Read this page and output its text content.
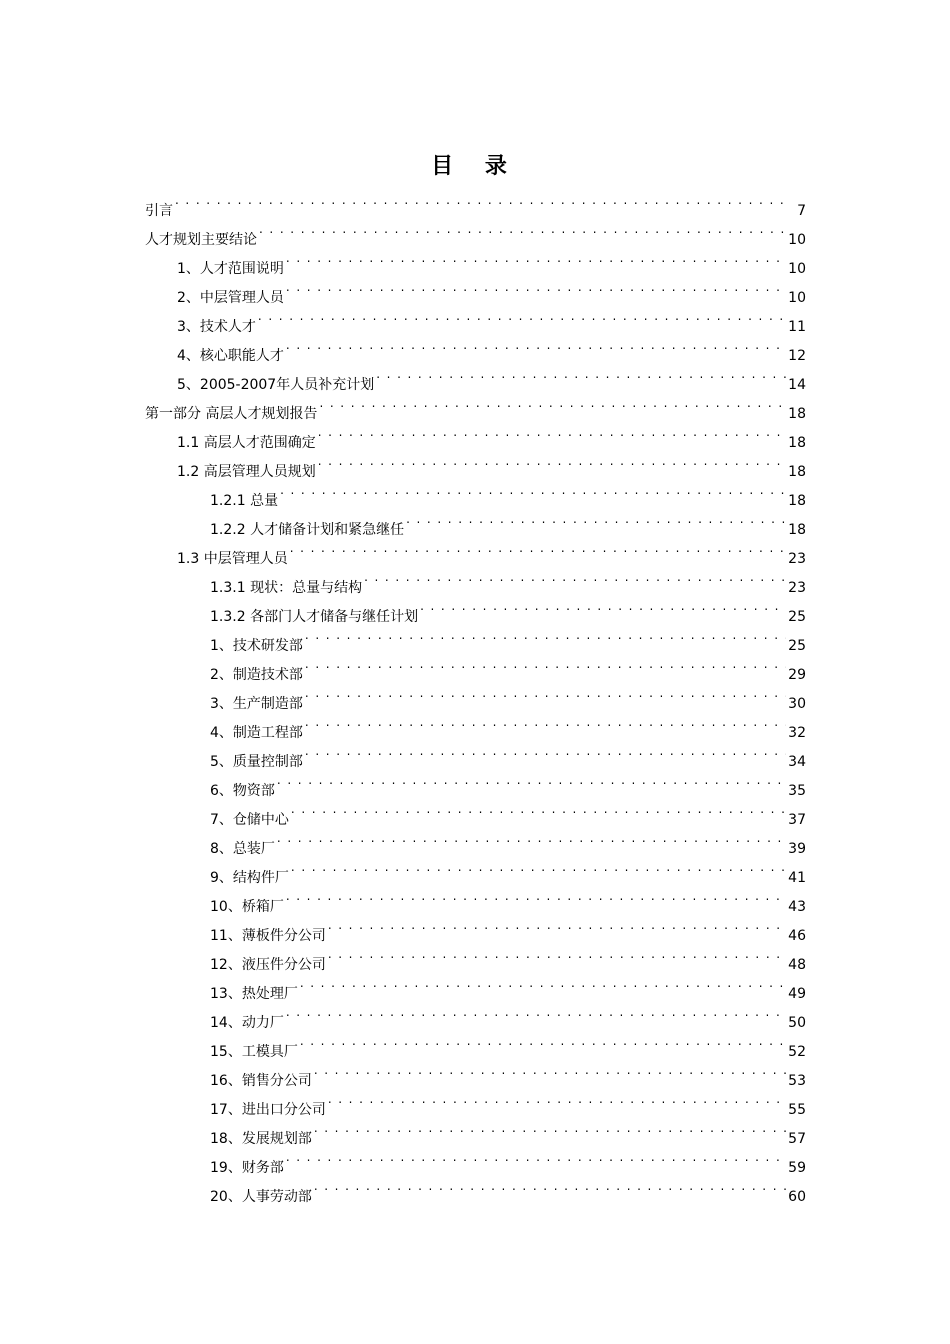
目 录
引言 . . .	7
人才规划主要结论 . . .	10
1、人才范围说明 . . .	10
2、中层管理人员 . . .	10
3、技术人才 . . .	11
4、核心职能人才 . . .	12
5、2005-2007年人员补充计划 . . .	14
第一部分 高层人才规划报告 . . .	18
1.1 高层人才范围确定 . . .	18
1.2 高层管理人员规划 . . .	18
1.2.1 总量 . . .	18
1.2.2 人才储备计划和紧急继任 . . .	18
1.3 中层管理人员 . . .	23
1.3.1 现状：总量与结构 . . .	23
1.3.2 各部门人才储备与继任计划 . . .	25
1、技术研发部 . . .	25
2、制造技术部 . . .	29
3、生产制造部 . . .	30
4、制造工程部 . . .	32
5、质量控制部 . . .	34
6、物资部 . . .	35
7、仓储中心 . . .	37
8、总装厂 . . .	39
9、结构件厂 . . .	41
10、桥箱厂 . . .	43
11、薄板件分公司 . . .	46
12、液压件分公司 . . .	48
13、热处理厂 . . .	49
14、动力厂 . . .	50
15、工模具厂 . . .	52
16、销售分公司 . . .	53
17、进出口分公司 . . .	55
18、发展规划部 . . .	57
19、财务部 . . .	59
20、人事劳动部 . . .	60
